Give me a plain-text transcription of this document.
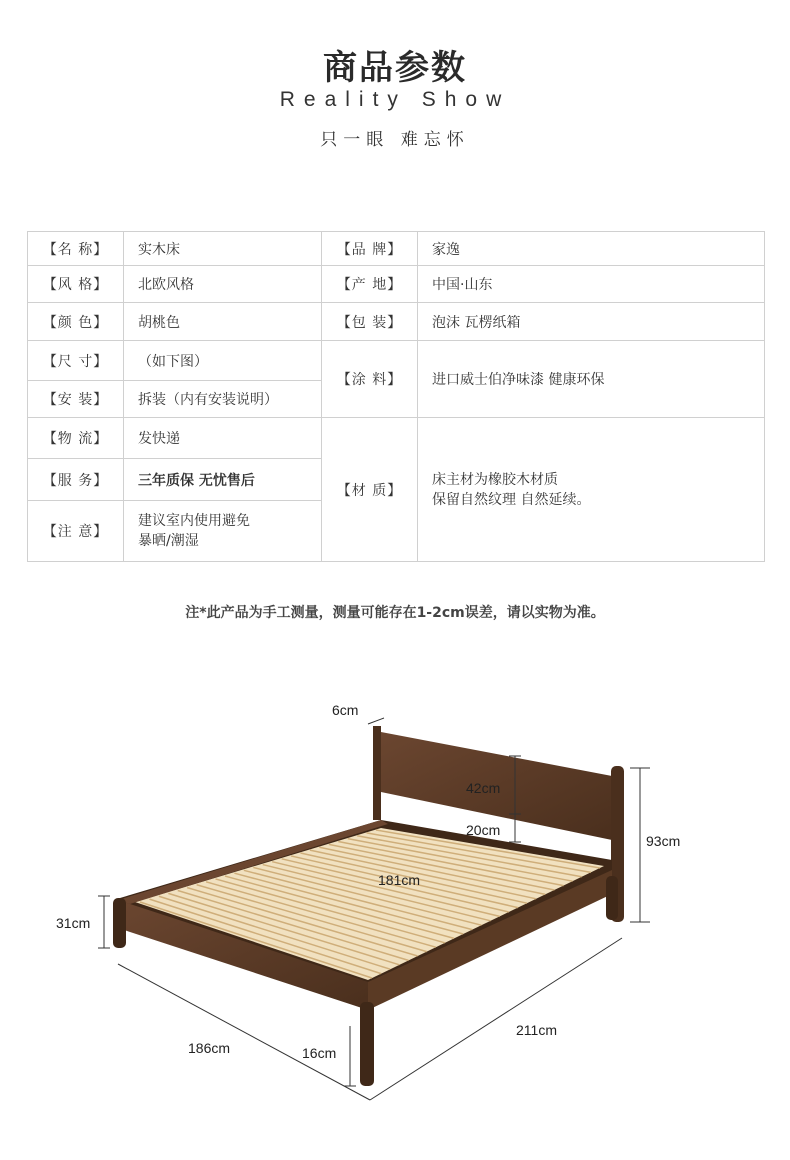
商品参数
Reality Show
只一眼 难忘怀
【名 称】	实木床	【品 牌】	家逸
【风 格】	北欧风格	【产 地】	中国·山东
【颜 色】	胡桃色	【包 装】	泡沫 瓦楞纸箱
【尺 寸】	（如下图）	【涂 料】	进口威士伯净味漆 健康环保
【安 装】	拆装（内有安装说明）		
【物 流】	发快递	【材 质】	床主材为橡胶木材质
保留自然纹理 自然延续。

【服 务】	三年质保 无忧售后		
【注 意】	建议室内使用避免
暴晒/潮湿		
注*此产品为手工测量，测量可能存在1-2cm误差，请以实物为准。
6cm
42cm
20cm
93cm
181cm
31cm
186cm	16cm
211cm
